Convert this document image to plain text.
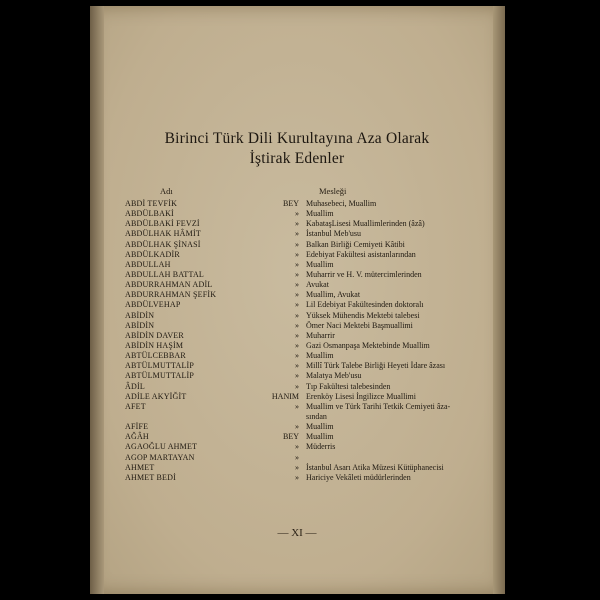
Birinci Türk Dili Kurultayına Aza Olarak
İştirak Edenler
Adı	Mesleği
ABDİ TEVFİK	BEY Muhasebeci, Muallim
ABDÜLBAKİ	» Muallim
ABDÜLBAKİ FEVZİ	» KabataşLisesi Muallimlerinden (âzâ)
ABDÜLHAK HÂMİT	» İstanbul Meb'usu
ABDÜLHAK ŞİNASİ	» Balkan Birliği Cemiyeti Kâtibi
ABDÜLKADİR	» Edebiyat Fakültesi asistanlarından
ABDULLAH	» Muallim
ABDULLAH BATTAL	» Muharrir ve H. V. mütercimlerinden
ABDURRAHMAN ADİL	» Avukat
ABDURRAHMAN ŞEFİK	» Muallim, Avukat
ABDÜLVEHAP	» Lil Edebiyat Fakültesinden doktoralı
ABİDİN	» Yüksek Mühendis Mektebi talebesi
ABİDİN	» Ömer Naci Mektebi Başmuallimi
ABİDİN DAVER	» Muharrir
ABİDİN HAŞİM	» Gazi Osmanpaşa Mektebinde Muallim
ABTÜLCEBBAR	» Muallim
ABTÜLMUTTALİP	» Millî Türk Talebe Birliği Heyeti İdare âzası
ABTÜLMUTTALİP	» Malatya Meb'usu
ÂDİL	» Tıp Fakültesi talebesinden
ADİLE AKYİĞİT	HANIM Erenköy Lisesi İngilizce Muallimi
AFET	» Muallim ve Türk Tarihi Tetkik Cemiyeti âza-
sından
AFİFE	» Muallim
AĞÂH	BEY Muallim
AGAOĞLU AHMET	» Müderris
AGOP MARTAYAN	»
AHMET	» İstanbul Asarı Atika Müzesi Kütüphanecisi
AHMET BEDİ	» Hariciye Vekâleti müdürlerinden
— XI —
